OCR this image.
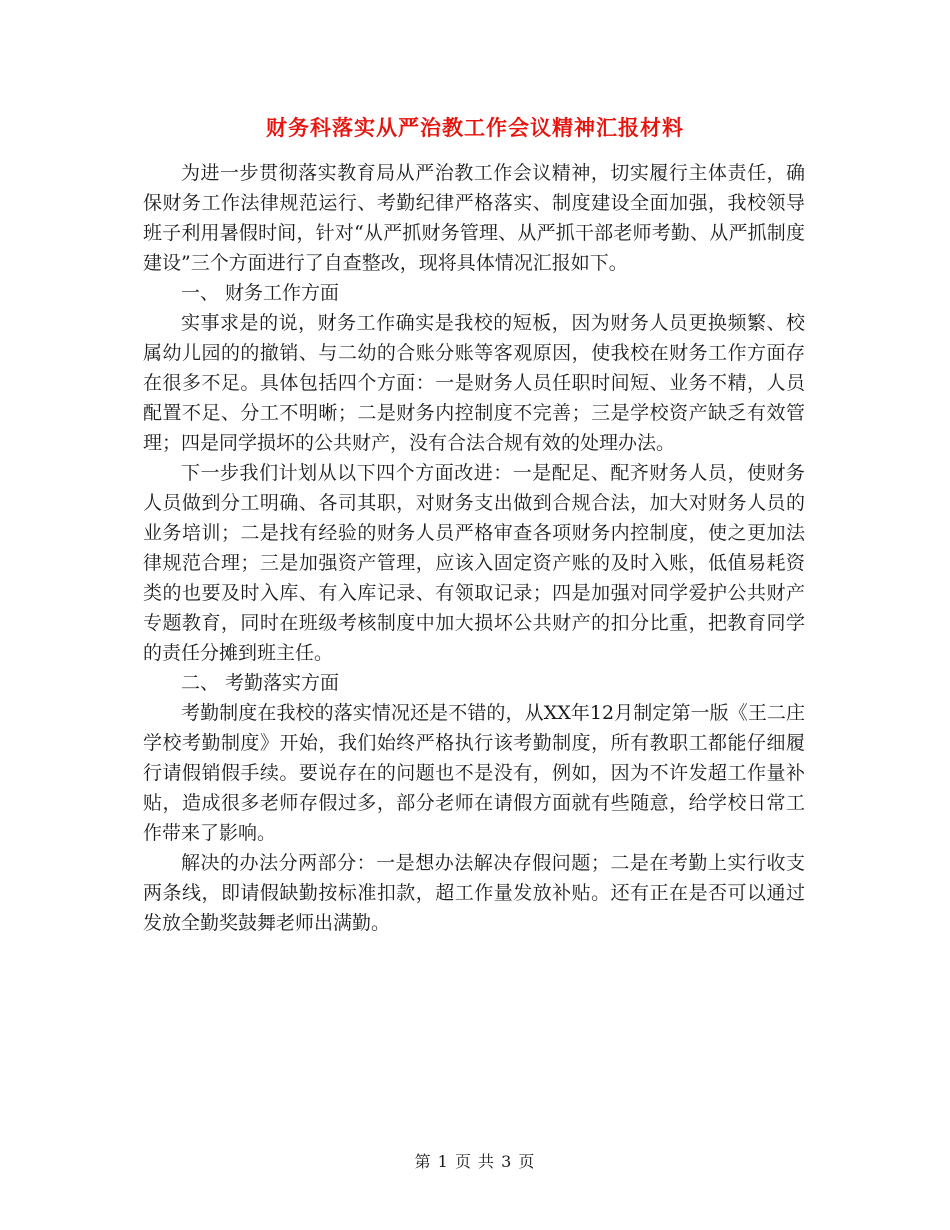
财务科落实从严治教工作会议精神汇报材料

为进一步贯彻落实教育局从严治教工作会议精神，切实履行主体责任，确保财务工作法律规范运行、考勤纪律严格落实、制度建设全面加强，我校领导班子利用暑假时间，针对“从严抓财务管理、从严抓干部老师考勤、从严抓制度建设”三个方面进行了自查整改，现将具体情况汇报如下。

一、 财务工作方面

实事求是的说，财务工作确实是我校的短板，因为财务人员更换频繁、校属幼儿园的的撤销、与二幼的合账分账等客观原因，使我校在财务工作方面存在很多不足。具体包括四个方面：一是财务人员任职时间短、业务不精，人员配置不足、分工不明晰；二是财务内控制度不完善；三是学校资产缺乏有效管理；四是同学损坏的公共财产，没有合法合规有效的处理办法。

下一步我们计划从以下四个方面改进：一是配足、配齐财务人员，使财务人员做到分工明确、各司其职，对财务支出做到合规合法，加大对财务人员的业务培训；二是找有经验的财务人员严格审查各项财务内控制度，使之更加法律规范合理；三是加强资产管理，应该入固定资产账的及时入账，低值易耗资类的也要及时入库、有入库记录、有领取记录；四是加强对同学爱护公共财产专题教育，同时在班级考核制度中加大损坏公共财产的扣分比重，把教育同学的责任分摊到班主任。

二、 考勤落实方面

考勤制度在我校的落实情况还是不错的，从XX年12月制定第一版《王二庄学校考勤制度》开始，我们始终严格执行该考勤制度，所有教职工都能仔细履行请假销假手续。要说存在的问题也不是没有，例如，因为不许发超工作量补贴，造成很多老师存假过多，部分老师在请假方面就有些随意，给学校日常工作带来了影响。

解决的办法分两部分：一是想办法解决存假问题；二是在考勤上实行收支两条线，即请假缺勤按标准扣款，超工作量发放补贴。还有正在是否可以通过发放全勤奖鼓舞老师出满勤。

第 1 页 共 3 页
